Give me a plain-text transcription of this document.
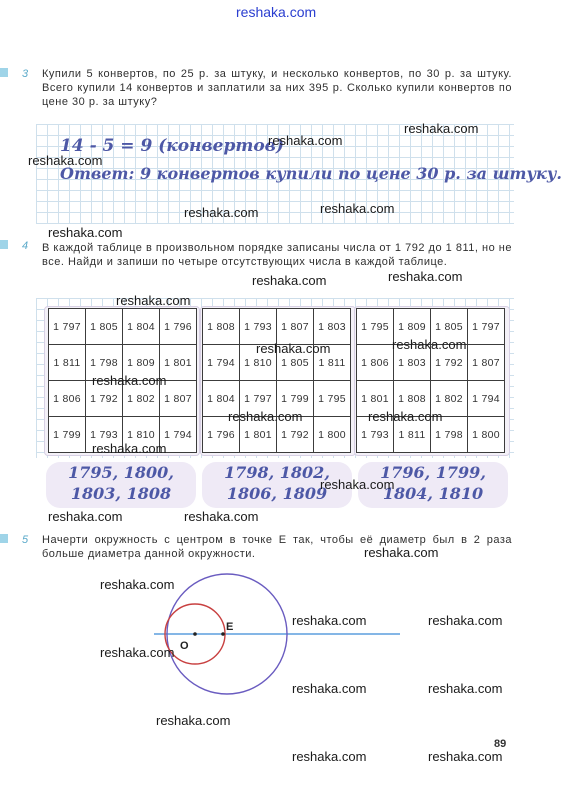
reshaka.com
3 Купили 5 конвертов, по 25 р. за штуку, и несколько конвертов, по 30 р. за штуку. Всего купили 14 конвертов и заплатили за них 395 р. Сколько купили конвертов по цене 30 р. за штуку?
14 - 5 = 9 (конвертов)
Ответ: 9 конвертов купили по цене 30 р. за штуку.
4 В каждой таблице в произвольном порядке записаны числа от 1 792 до 1 811, но не все. Найди и запиши по четыре отсутствующих числа в каждой таблице.
1 797	1 805	1 804	1 796
1 811	1 798	1 809	1 801
1 806	1 792	1 802	1 807
1 799	1 793	1 810	1 794
1 808	1 793	1 807	1 803
1 794	1 810	1 805	1 811
1 804	1 797	1 799	1 795
1 796	1 801	1 792	1 800
1 795	1 809	1 805	1 797
1 806	1 803	1 792	1 807
1 801	1 808	1 802	1 794
1 793	1 811	1 798	1 800
1795, 1800,
1803, 1808
1798, 1802,
1806, 1809
1796, 1799,
1804, 1810
5 Начерти окружность с центром в точке Е так, чтобы её диаметр был в 2 раза больше диаметра данной окружности.
O
E
89
reshaka.com
reshaka.com
reshaka.com
reshaka.com
reshaka.com
reshaka.com
reshaka.com
reshaka.com
reshaka.com
reshaka.com
reshaka.com
reshaka.com
reshaka.com
reshaka.com
reshaka.com
reshaka.com
reshaka.com	reshaka.com
reshaka.com
reshaka.com
reshaka.com	reshaka.com
reshaka.com
reshaka.com	reshaka.com
reshaka.com
reshaka.com	reshaka.com
